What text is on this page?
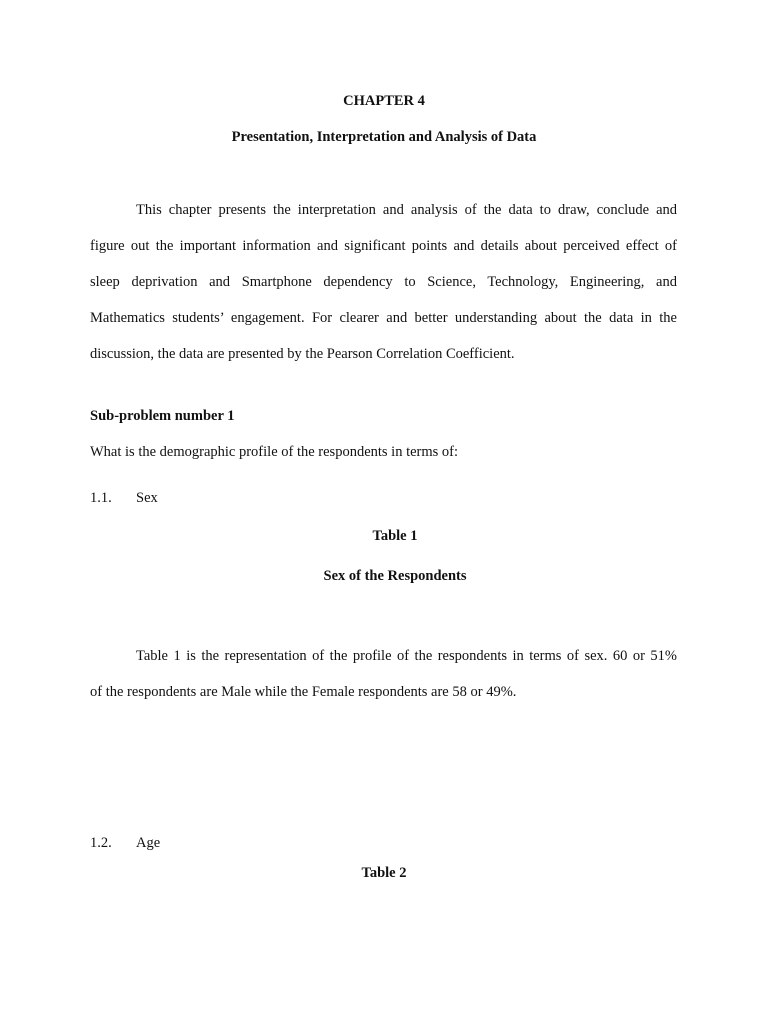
CHAPTER 4
Presentation, Interpretation and Analysis of Data
This chapter presents the interpretation and analysis of the data to draw, conclude and
figure out the important information and significant points and details about perceived effect of
sleep deprivation and Smartphone dependency to Science, Technology, Engineering, and
Mathematics students’ engagement. For clearer and better understanding about the data in the
discussion, the data are presented by the Pearson Correlation Coefficient.
Sub-problem number 1
What is the demographic profile of the respondents in terms of:
1.1. Sex
Table 1
Sex of the Respondents
Table 1 is the representation of the profile of the respondents in terms of sex. 60 or 51%
of the respondents are Male while the Female respondents are 58 or 49%.
1.2. Age
Table 2
